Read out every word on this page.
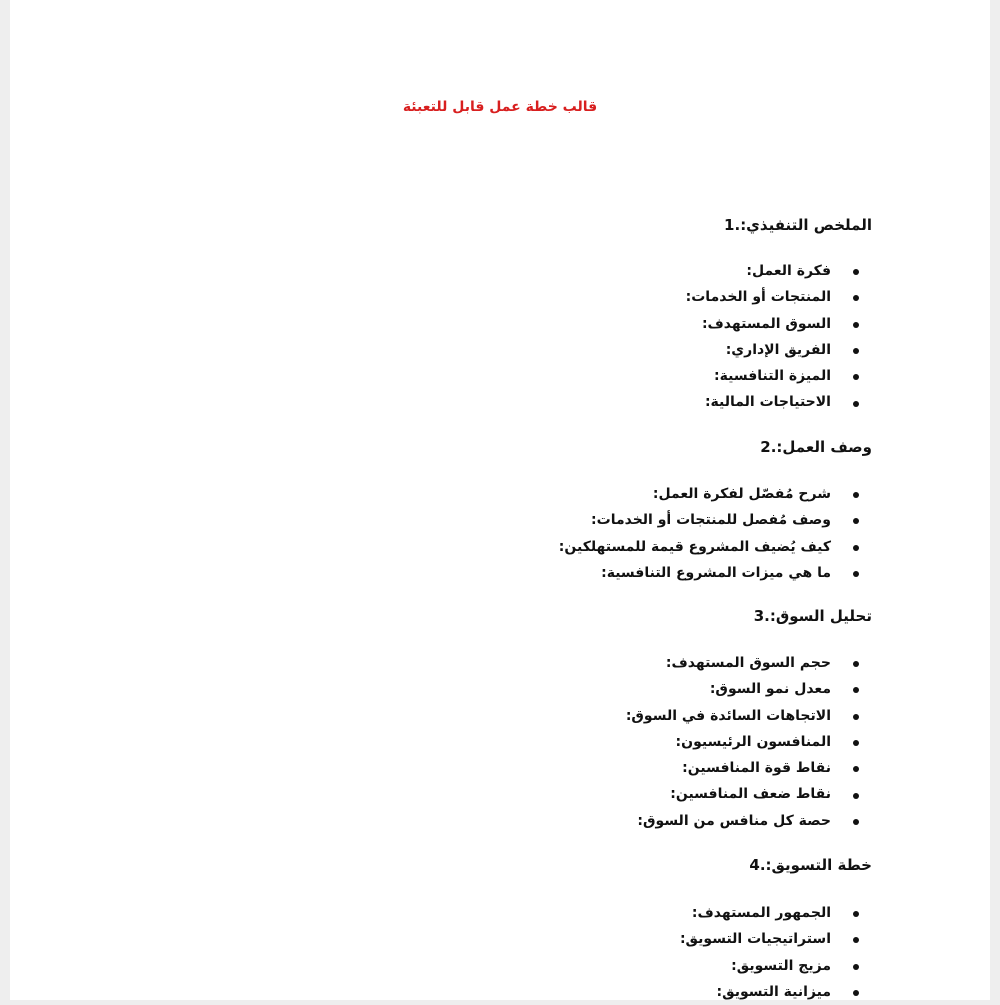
قالب خطة عمل قابل للتعبئة
1.الملخص التنفيذي:
فكرة العمل:
المنتجات أو الخدمات:
السوق المستهدف:
الفريق الإداري:
الميزة التنافسية:
الاحتياجات المالية:
2.وصف العمل:
شرح مُفصّل لفكرة العمل:
وصف مُفصل للمنتجات أو الخدمات:
كيف يُضيف المشروع قيمة للمستهلكين:
ما هي ميزات المشروع التنافسية:
3.تحليل السوق:
حجم السوق المستهدف:
معدل نمو السوق:
الاتجاهات السائدة في السوق:
المنافسون الرئيسيون:
نقاط قوة المنافسين:
نقاط ضعف المنافسين:
حصة كل منافس من السوق:
4.خطة التسويق:
الجمهور المستهدف:
استراتيجيات التسويق:
مزيج التسويق:
ميزانية التسويق:
